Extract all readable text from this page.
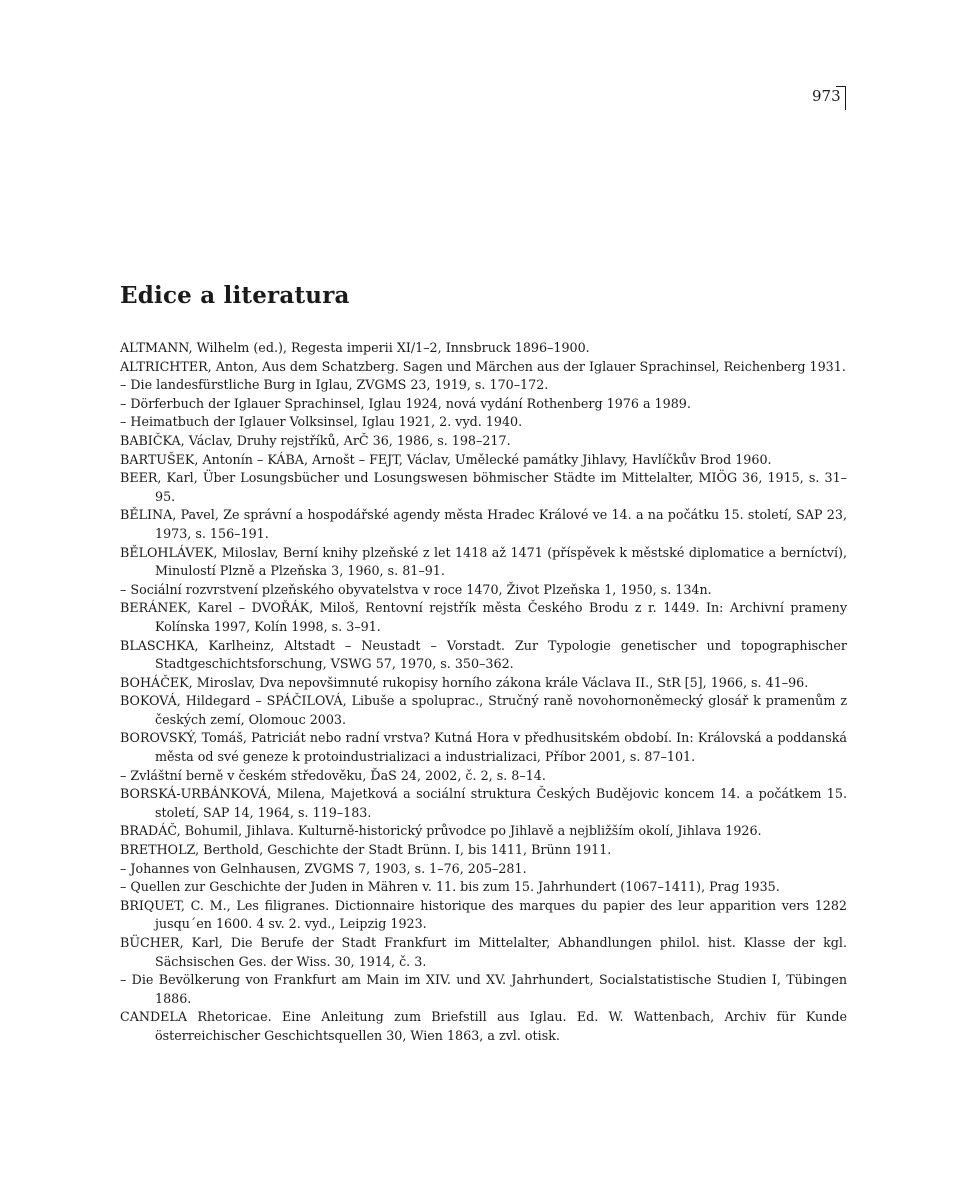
973
Edice a literatura

ALTMANN, Wilhelm (ed.), Regesta imperii XI/1–2, Innsbruck 1896–1900.

ALTRICHTER, Anton, Aus dem Schatzberg. Sagen und Märchen aus der Iglauer Sprachinsel, Reichenberg 1931.

– Die landesfürstliche Burg in Iglau, ZVGMS 23, 1919, s. 170–172.

– Dörferbuch der Iglauer Sprachinsel, Iglau 1924, nová vydání Rothenberg 1976 a 1989.

– Heimatbuch der Iglauer Volksinsel, Iglau 1921, 2. vyd. 1940.

BABIČKA, Václav, Druhy rejstříků, ArČ 36, 1986, s. 198–217.

BARTUŠEK, Antonín – KÁBA, Arnošt – FEJT, Václav, Umělecké památky Jihlavy, Havlíčkův Brod 1960.

BEER, Karl, Über Losungsbücher und Losungswesen böhmischer Städte im Mittelalter, MIÖG 36, 1915, s. 31–95.

BĚLINA, Pavel, Ze správní a hospodářské agendy města Hradec Králové ve 14. a na počátku 15. století, SAP 23, 1973, s. 156–191.

BĚLOHLÁVEK, Miloslav, Berní knihy plzeňské z let 1418 až 1471 (příspěvek k městské diplomatice a berníctví), Minulostí Plzně a Plzeňska 3, 1960, s. 81–91.

– Sociální rozvrstvení plzeňského obyvatelstva v roce 1470, Život Plzeňska 1, 1950, s. 134n.

BERÁNEK, Karel – DVOŘÁK, Miloš, Rentovní rejstřík města Českého Brodu z r. 1449. In: Archivní prameny Kolínska 1997, Kolín 1998, s. 3–91.

BLASCHKA, Karlheinz, Altstadt – Neustadt – Vorstadt. Zur Typologie genetischer und topographischer Stadtgeschichtsforschung, VSWG 57, 1970, s. 350–362.

BOHÁČEK, Miroslav, Dva nepovšimnuté rukopisy horního zákona krále Václava II., StR [5], 1966, s. 41–96.

BOKOVÁ, Hildegard – SPÁČILOVÁ, Libuše a spoluprac., Stručný raně novohornoněmecký glosář k pramenům z českých zemí, Olomouc 2003.

BOROVSKÝ, Tomáš, Patriciát nebo radní vrstva? Kutná Hora v předhusitském období. In: Královská a poddanská města od své geneze k protoindustrializaci a industrializaci, Příbor 2001, s. 87–101.

– Zvláštní berně v českém středověku, ĎaS 24, 2002, č. 2, s. 8–14.

BORSKÁ-URBÁNKOVÁ, Milena, Majetková a sociální struktura Českých Budějovic koncem 14. a počátkem 15. století, SAP 14, 1964, s. 119–183.

BRADÁČ, Bohumil, Jihlava. Kulturně-historický průvodce po Jihlavě a nejbližším okolí, Jihlava 1926.

BRETHOLZ, Berthold, Geschichte der Stadt Brünn. I, bis 1411, Brünn 1911.

– Johannes von Gelnhausen, ZVGMS 7, 1903, s. 1–76, 205–281.

– Quellen zur Geschichte der Juden in Mähren v. 11. bis zum 15. Jahrhundert (1067–1411), Prag 1935.

BRIQUET, C. M., Les filigranes. Dictionnaire historique des marques du papier des leur apparition vers 1282 jusqu´en 1600. 4 sv. 2. vyd., Leipzig 1923.

BÜCHER, Karl, Die Berufe der Stadt Frankfurt im Mittelalter, Abhandlungen philol. hist. Klasse der kgl. Sächsischen Ges. der Wiss. 30, 1914, č. 3.

– Die Bevölkerung von Frankfurt am Main im XIV. und XV. Jahrhundert, Socialstatistische Studien I, Tübingen 1886.

CANDELA Rhetoricae. Eine Anleitung zum Briefstill aus Iglau. Ed. W. Wattenbach, Archiv für Kunde österreichischer Geschichtsquellen 30, Wien 1863, a zvl. otisk.
